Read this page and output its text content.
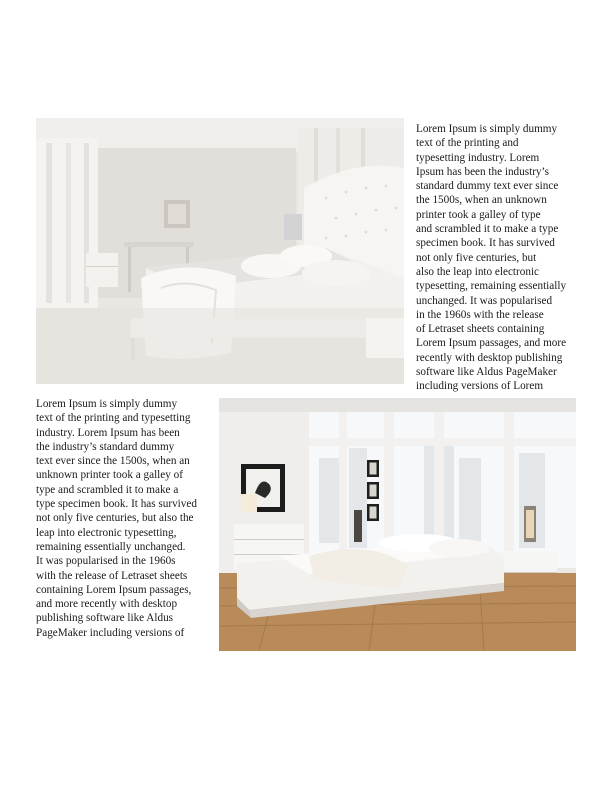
Lorem Ipsum is simply dummy
text of the printing and
typesetting industry. Lorem
Ipsum has been the industry’s
standard dummy text ever since
the 1500s, when an unknown
printer took a galley of type
and scrambled it to make a type
specimen book. It has survived
not only five centuries, but
also the leap into electronic
typesetting, remaining essentially
unchanged. It was popularised
in the 1960s with the release
of Letraset sheets containing
Lorem Ipsum passages, and more
recently with desktop publishing
software like Aldus PageMaker
including versions of Lorem
Lorem Ipsum is simply dummy
text of the printing and typesetting
industry. Lorem Ipsum has been
the industry’s standard dummy
text ever since the 1500s, when an
unknown printer took a galley of
type and scrambled it to make a
type specimen book. It has survived
not only five centuries, but also the
leap into electronic typesetting,
remaining essentially unchanged.
It was popularised in the 1960s
with the release of Letraset sheets
containing Lorem Ipsum passages,
and more recently with desktop
publishing software like Aldus
PageMaker including versions of
